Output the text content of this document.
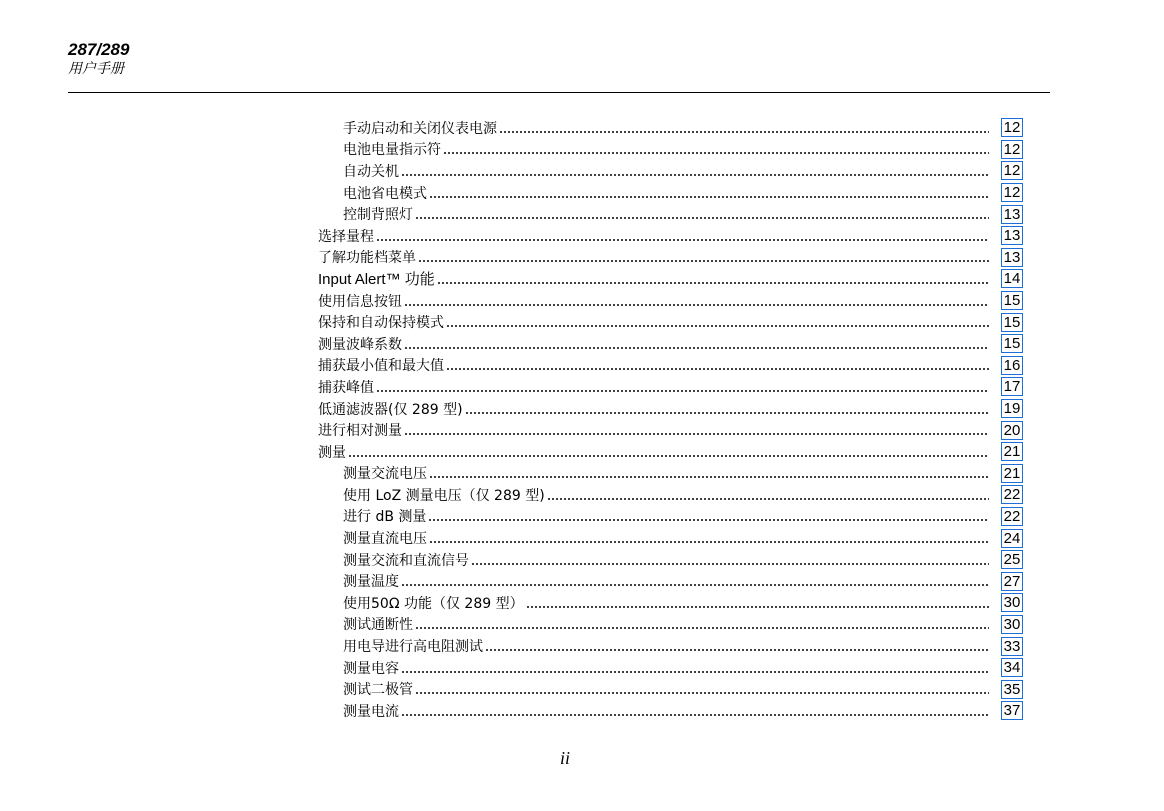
287/289
用户手册
手动启动和关闭仪表电源	12
电池电量指示符	12
自动关机	12
电池省电模式	12
控制背照灯	13
选择量程	13
了解功能档菜单	13
Input Alert™ 功能	14
使用信息按钮	15
保持和自动保持模式	15
测量波峰系数	15
捕获最小值和最大值	16
捕获峰值	17
低通滤波器(仅 289 型)	19
进行相对测量	20
测量	21
测量交流电压	21
使用 LoZ 测量电压（仅 289 型)	22
进行 dB 测量	22
测量直流电压	24
测量交流和直流信号	25
测量温度	27
使用50Ω 功能（仅 289 型）	30
测试通断性	30
用电导进行高电阻测试	33
测量电容	34
测试二极管	35
测量电流	37
ii
